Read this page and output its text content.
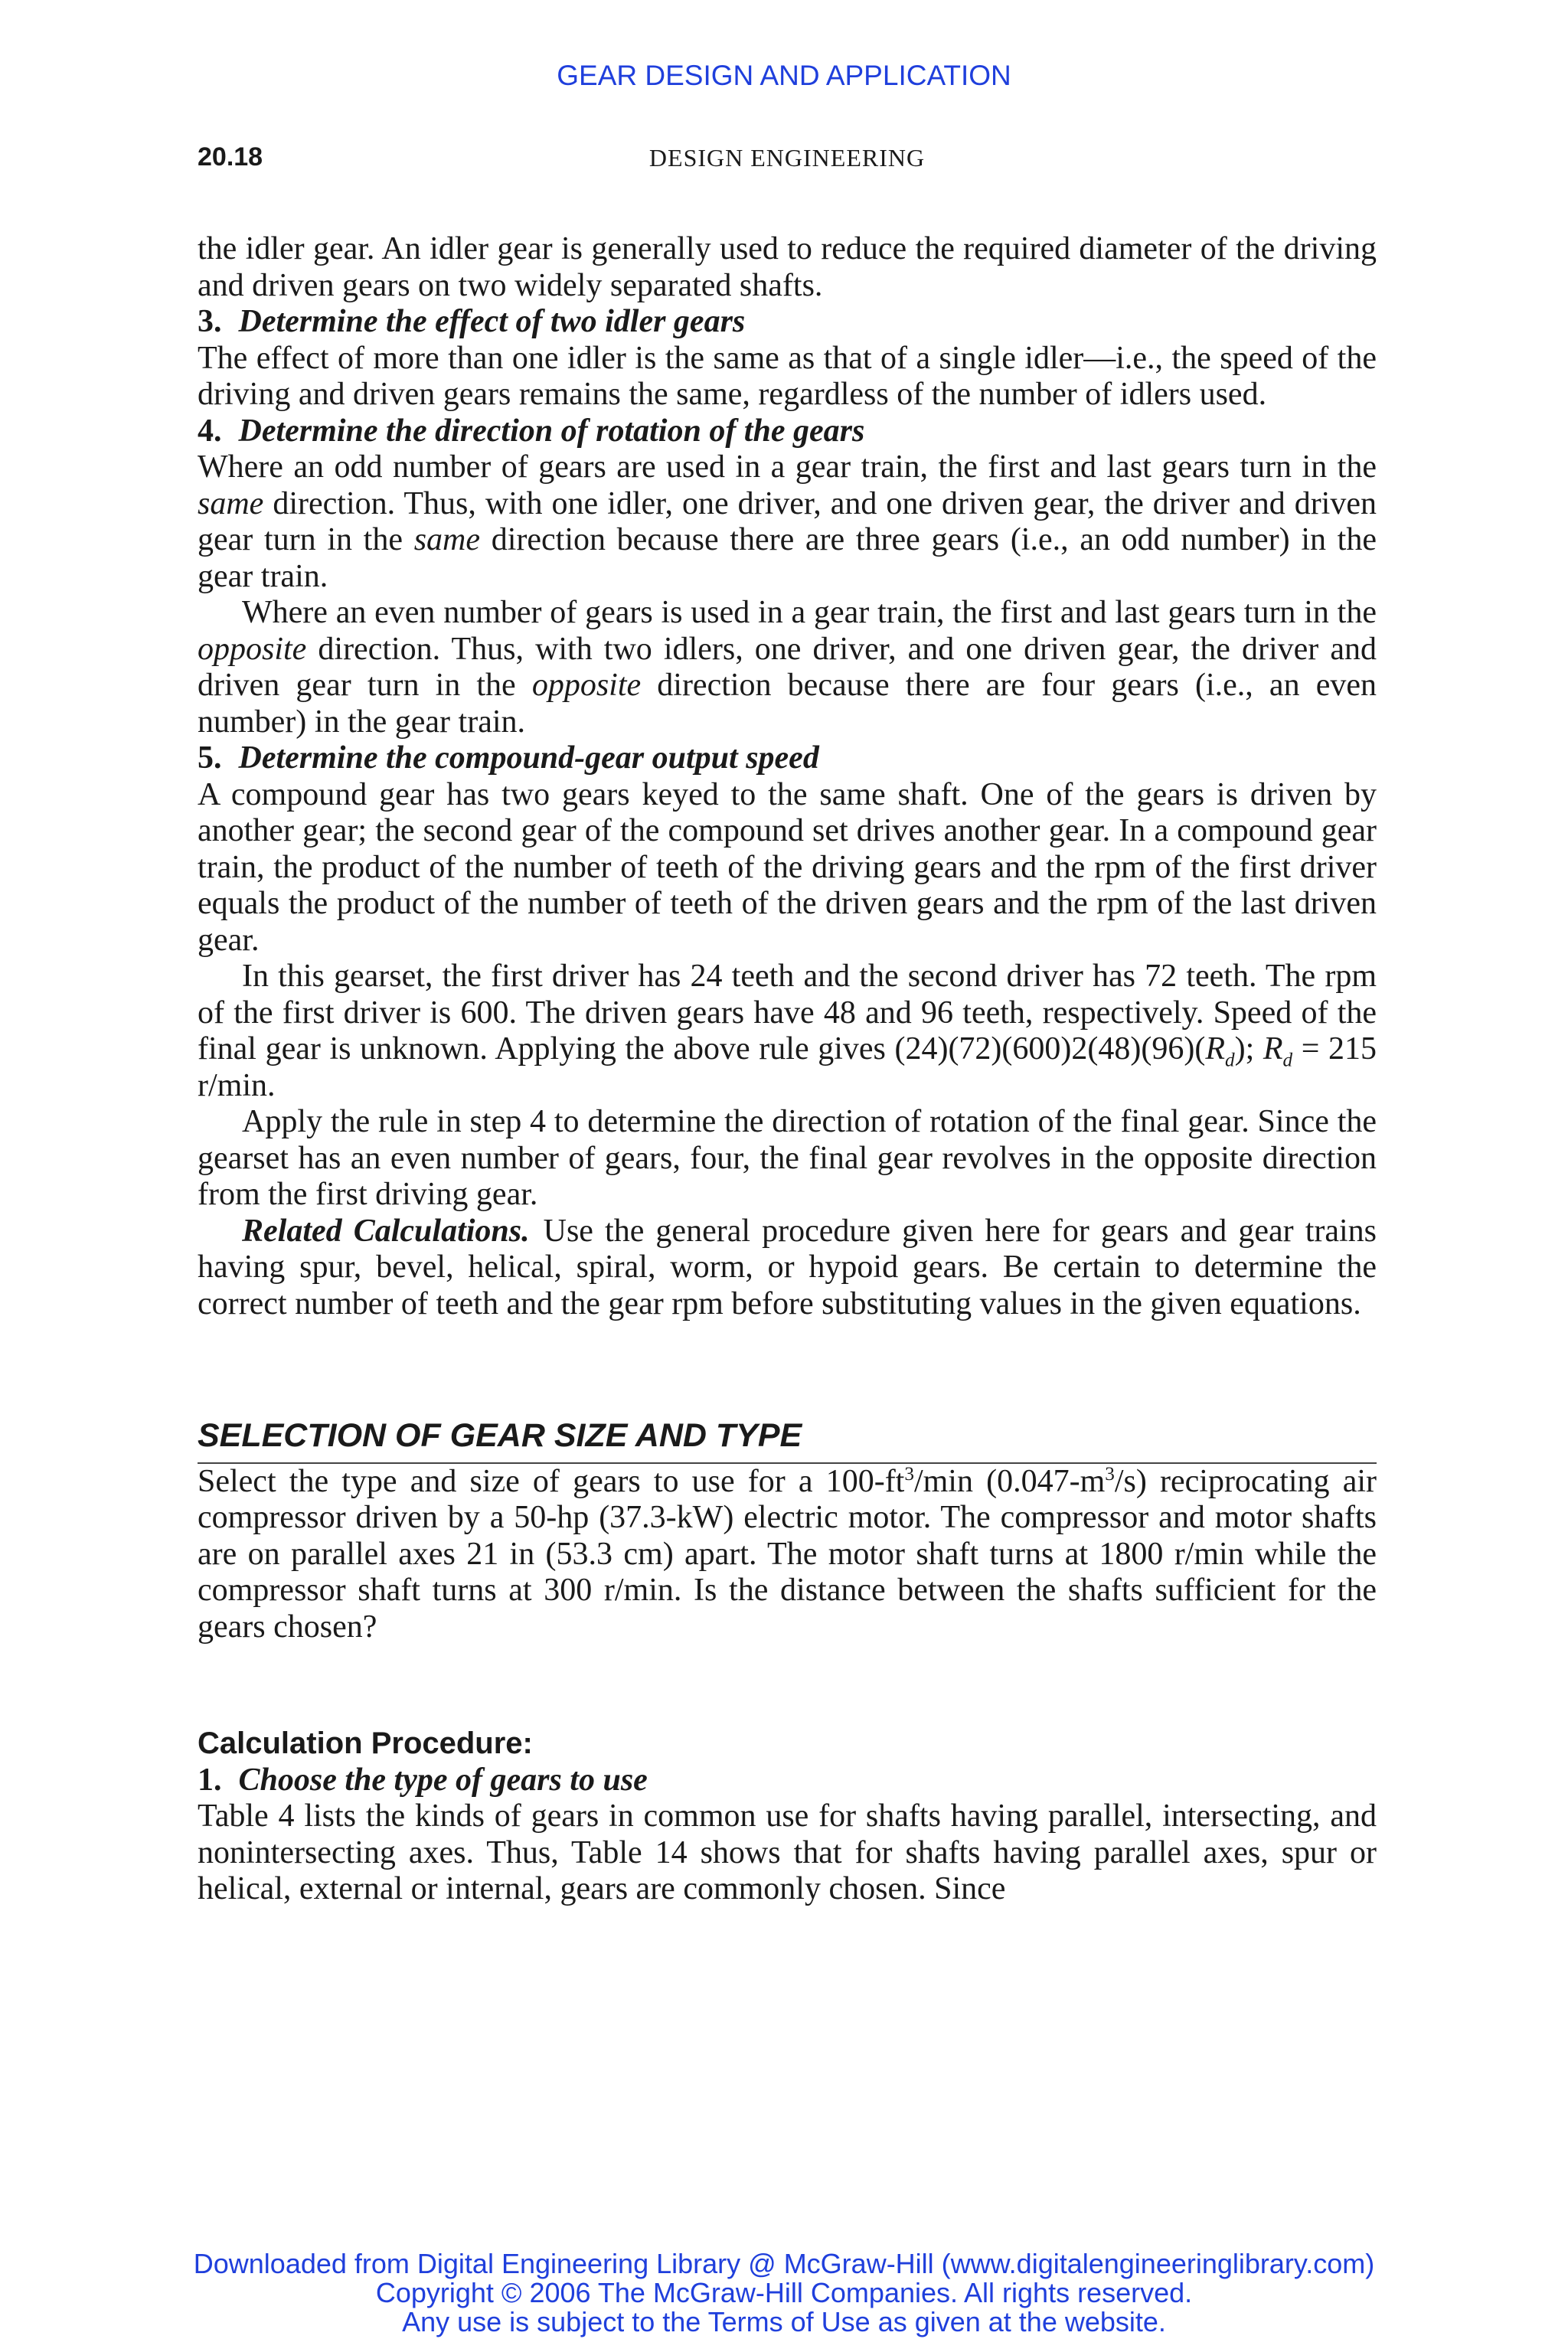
GEAR DESIGN AND APPLICATION
20.18	DESIGN ENGINEERING

the idler gear. An idler gear is generally used to reduce the required diameter of the driving and driven gears on two widely separated shafts.

3. Determine the effect of two idler gears

The effect of more than one idler is the same as that of a single idler—i.e., the speed of the driving and driven gears remains the same, regardless of the number of idlers used.

4. Determine the direction of rotation of the gears

Where an odd number of gears are used in a gear train, the first and last gears turn in the same direction. Thus, with one idler, one driver, and one driven gear, the driver and driven gear turn in the same direction because there are three gears (i.e., an odd number) in the gear train.

Where an even number of gears is used in a gear train, the first and last gears turn in the opposite direction. Thus, with two idlers, one driver, and one driven gear, the driver and driven gear turn in the opposite direction because there are four gears (i.e., an even number) in the gear train.

5. Determine the compound-gear output speed

A compound gear has two gears keyed to the same shaft. One of the gears is driven by another gear; the second gear of the compound set drives another gear. In a compound gear train, the product of the number of teeth of the driving gears and the rpm of the first driver equals the product of the number of teeth of the driven gears and the rpm of the last driven gear.

In this gearset, the first driver has 24 teeth and the second driver has 72 teeth. The rpm of the first driver is 600. The driven gears have 48 and 96 teeth, respectively. Speed of the final gear is unknown. Applying the above rule gives $(24)(72)(600)2(48)(96)(R_d)$; $R_d = 215$ r/min.

Apply the rule in step 4 to determine the direction of rotation of the final gear. Since the gearset has an even number of gears, four, the final gear revolves in the opposite direction from the first driving gear.

Related Calculations. Use the general procedure given here for gears and gear trains having spur, bevel, helical, spiral, worm, or hypoid gears. Be certain to determine the correct number of teeth and the gear rpm before substituting values in the given equations.

SELECTION OF GEAR SIZE AND TYPE

Select the type and size of gears to use for a $100-ft^3/\min$ $(0.047-m^3/s)$ reciprocating air compressor driven by a 50-hp (37.3-kW) electric motor. The compressor and motor shafts are on parallel axes 21 in (53.3 cm) apart. The motor shaft turns at 1800 r/min while the compressor shaft turns at 300 r/min. Is the distance between the shafts sufficient for the gears chosen?

Calculation Procedure:

1. Choose the type of gears to use

Table 4 lists the kinds of gears in common use for shafts having parallel, intersecting, and nonintersecting axes. Thus, Table 14 shows that for shafts having parallel axes, spur or helical, external or internal, gears are commonly chosen. Since

Downloaded from Digital Engineering Library @ McGraw-Hill (www.digitalengineeringlibrary.com)
Copyright © 2006 The McGraw-Hill Companies. All rights reserved.
Any use is subject to the Terms of Use as given at the website.
